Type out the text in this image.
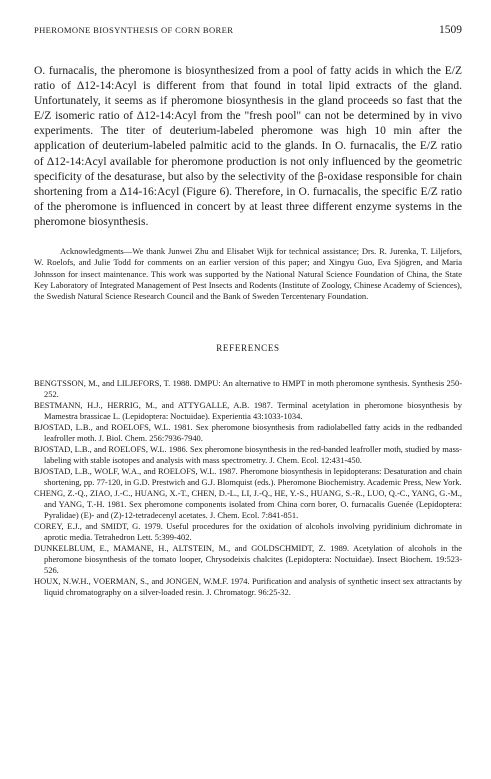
PHEROMONE BIOSYNTHESIS OF CORN BORER	1509

O. furnacalis, the pheromone is biosynthesized from a pool of fatty acids in which the E/Z ratio of Δ12-14:Acyl is different from that found in total lipid extracts of the gland. Unfortunately, it seems as if pheromone biosynthesis in the gland proceeds so fast that the E/Z isomeric ratio of Δ12-14:Acyl from the "fresh pool" can not be determined by in vivo experiments. The titer of deuterium-labeled pheromone was high 10 min after the application of deuterium-labeled palmitic acid to the glands. In O. furnacalis, the E/Z ratio of Δ12-14:Acyl available for pheromone production is not only influenced by the geometric specificity of the desaturase, but also by the selectivity of the β-oxidase responsible for chain shortening from a Δ14-16:Acyl (Figure 6). Therefore, in O. furnacalis, the specific E/Z ratio of the pheromone is influenced in concert by at least three different enzyme systems in the pheromone biosynthesis.

Acknowledgments—We thank Junwei Zhu and Elisabet Wijk for technical assistance; Drs. R. Jurenka, T. Liljefors, W. Roelofs, and Julie Todd for comments on an earlier version of this paper; and Xingyu Guo, Eva Sjögren, and Maria Johnsson for insect maintenance. This work was supported by the National Natural Science Foundation of China, the State Key Laboratory of Integrated Management of Pest Insects and Rodents (Institute of Zoology, Chinese Academy of Sciences), the Swedish Natural Science Research Council and the Bank of Sweden Tercentenary Foundation.

REFERENCES
BENGTSSON, M., and LILJEFORS, T. 1988. DMPU: An alternative to HMPT in moth pheromone synthesis. Synthesis 250-252.
BESTMANN, H.J., HERRIG, M., and ATTYGALLE, A.B. 1987. Terminal acetylation in pheromone biosynthesis by Mamestra brassicae L. (Lepidoptera: Noctuidae). Experientia 43:1033-1034.
BJOSTAD, L.B., and ROELOFS, W.L. 1981. Sex pheromone biosynthesis from radiolabelled fatty acids in the redbanded leafroller moth. J. Biol. Chem. 256:7936-7940.
BJOSTAD, L.B., and ROELOFS, W.L. 1986. Sex pheromone biosynthesis in the red-banded leafroller moth, studied by mass-labeling with stable isotopes and analysis with mass spectrometry. J. Chem. Ecol. 12:431-450.
BJOSTAD, L.B., WOLF, W.A., and ROELOFS, W.L. 1987. Pheromone biosynthesis in lepidopterans: Desaturation and chain shortening, pp. 77-120, in G.D. Prestwich and G.J. Blomquist (eds.). Pheromone Biochemistry. Academic Press, New York.
CHENG, Z.-Q., ZIAO, J.-C., HUANG, X.-T., CHEN, D.-L., LI, J.-Q., HE, Y.-S., HUANG, S.-R., LUO, Q.-C., YANG, G.-M., and YANG, T.-H. 1981. Sex pheromone components isolated from China corn borer, O. furnacalis Guenée (Lepidoptera: Pyralidae) (E)- and (Z)-12-tetradecenyl acetates. J. Chem. Ecol. 7:841-851.
COREY, E.J., and SMIDT, G. 1979. Useful procedures for the oxidation of alcohols involving pyridinium dichromate in aprotic media. Tetrahedron Lett. 5:399-402.
DUNKELBLUM, E., MAMANE, H., ALTSTEIN, M., and GOLDSCHMIDT, Z. 1989. Acetylation of alcohols in the pheromone biosynthesis of the tomato looper, Chrysodeixis chalcites (Lepidoptera: Noctuidae). Insect Biochem. 19:523-526.
HOUX, N.W.H., VOERMAN, S., and JONGEN, W.M.F. 1974. Purification and analysis of synthetic insect sex attractants by liquid chromatography on a silver-loaded resin. J. Chromatogr. 96:25-32.
